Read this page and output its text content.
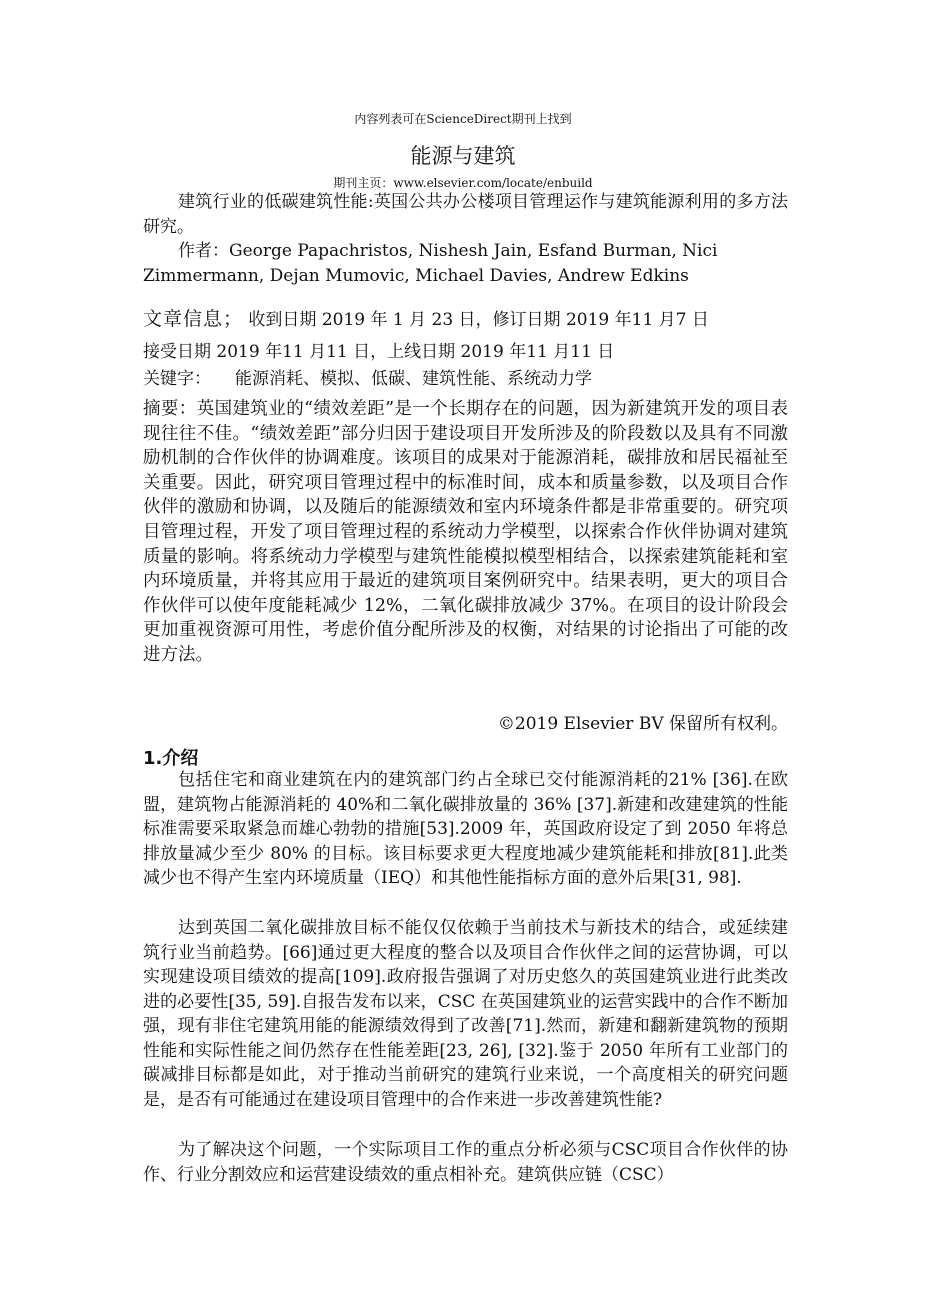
内容列表可在ScienceDirect期刊上找到
能源与建筑
期刊主页：www.elsevier.com/locate/enbuild
建筑行业的低碳建筑性能:英国公共办公楼项目管理运作与建筑能源利用的多方法研究。
作者：George Papachristos, Nishesh Jain, Esfand Burman, Nici Zimmermann, Dejan Mumovic, Michael Davies, Andrew Edkins
文章信息； 收到日期 2019 年 1 月 23 日，修订日期 2019 年11 月7 日
接受日期 2019 年11 月11 日，上线日期 2019 年11 月11 日
关键字： 能源消耗、模拟、低碳、建筑性能、系统动力学
摘要：英国建筑业的“绩效差距”是一个长期存在的问题，因为新建筑开发的项目表现往往不佳。“绩效差距”部分归因于建设项目开发所涉及的阶段数以及具有不同激励机制的合作伙伴的协调难度。该项目的成果对于能源消耗，碳排放和居民福祉至关重要。因此，研究项目管理过程中的标准时间，成本和质量参数，以及项目合作伙伴的激励和协调，以及随后的能源绩效和室内环境条件都是非常重要的。研究项目管理过程，开发了项目管理过程的系统动力学模型，以探索合作伙伴协调对建筑质量的影响。将系统动力学模型与建筑性能模拟模型相结合，以探索建筑能耗和室内环境质量，并将其应用于最近的建筑项目案例研究中。结果表明，更大的项目合作伙伴可以使年度能耗减少 12%，二氧化碳排放减少 37%。在项目的设计阶段会更加重视资源可用性，考虑价值分配所涉及的权衡，对结果的讨论指出了可能的改进方法。
©2019 Elsevier BV 保留所有权利。
1.介绍
包括住宅和商业建筑在内的建筑部门约占全球已交付能源消耗的21% [36].在欧盟，建筑物占能源消耗的 40%和二氧化碳排放量的 36% [37].新建和改建建筑的性能标准需要采取紧急而雄心勃勃的措施[53].2009 年，英国政府设定了到 2050 年将总排放量减少至少 80% 的目标。该目标要求更大程度地减少建筑能耗和排放[81].此类减少也不得产生室内环境质量（IEQ）和其他性能指标方面的意外后果[31, 98].
达到英国二氧化碳排放目标不能仅仅依赖于当前技术与新技术的结合，或延续建筑行业当前趋势。[66]通过更大程度的整合以及项目合作伙伴之间的运营协调，可以实现建设项目绩效的提高[109].政府报告强调了对历史悠久的英国建筑业进行此类改进的必要性[35, 59].自报告发布以来，CSC 在英国建筑业的运营实践中的合作不断加强，现有非住宅建筑用能的能源绩效得到了改善[71].然而，新建和翻新建筑物的预期 性能和实际性能之间仍然存在性能差距[23, 26], [32].鉴于 2050 年所有工业部门的碳减排目标都是如此，对于推动当前研究的建筑行业来说，一个高度相关的研究问题是，是否有可能通过在建设项目管理中的合作来进一步改善建筑性能?
为了解决这个问题，一个实际项目工作的重点分析必须与CSC项目合作伙伴的协作、行业分割效应和运营建设绩效的重点相补充。建筑供应链（CSC）
